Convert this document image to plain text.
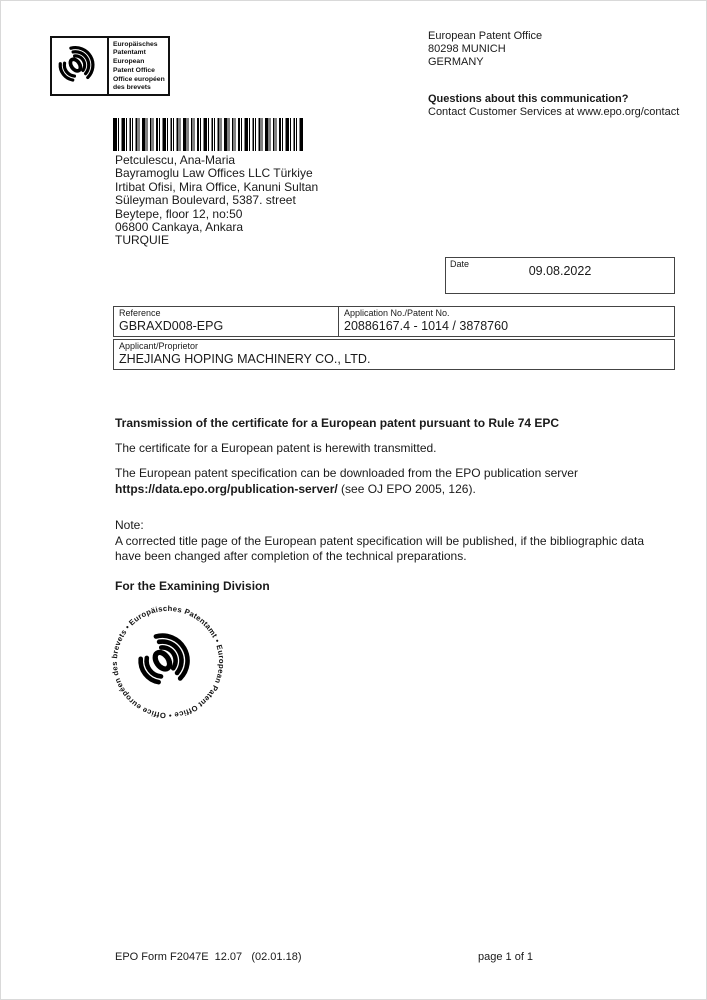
Europäisches Patentamt
European Patent Office
Office européen des brevets
European Patent Office
80298 MUNICH
GERMANY
Questions about this communication?
Contact Customer Services at www.epo.org/contact
Petculescu, Ana-Maria
Bayramoglu Law Offices LLC Türkiye
Irtibat Ofisi, Mira Office, Kanuni Sultan
Süleyman Boulevard, 5387. street
Beytepe, floor 12, no:50
06800 Cankaya, Ankara
TURQUIE
Date	09.08.2022
Reference
GBRAXD008-EPG
Application No./Patent No.
20886167.4 - 1014 / 3878760
Applicant/Proprietor
ZHEJIANG HOPING MACHINERY CO., LTD.
Transmission of the certificate for a European patent pursuant to Rule 74 EPC
The certificate for a European patent is herewith transmitted.
The European patent specification can be downloaded from the EPO publication server
https://data.epo.org/publication-server/ (see OJ EPO 2005, 126).
Note:
A corrected title page of the European patent specification will be published, if the bibliographic data
have been changed after completion of the technical preparations.
For the Examining Division
Europäisches Patentamt • European Patent Office • Office européen des brevets •
EPO Form F2047E  12.07   (02.01.18)	page 1 of 1
